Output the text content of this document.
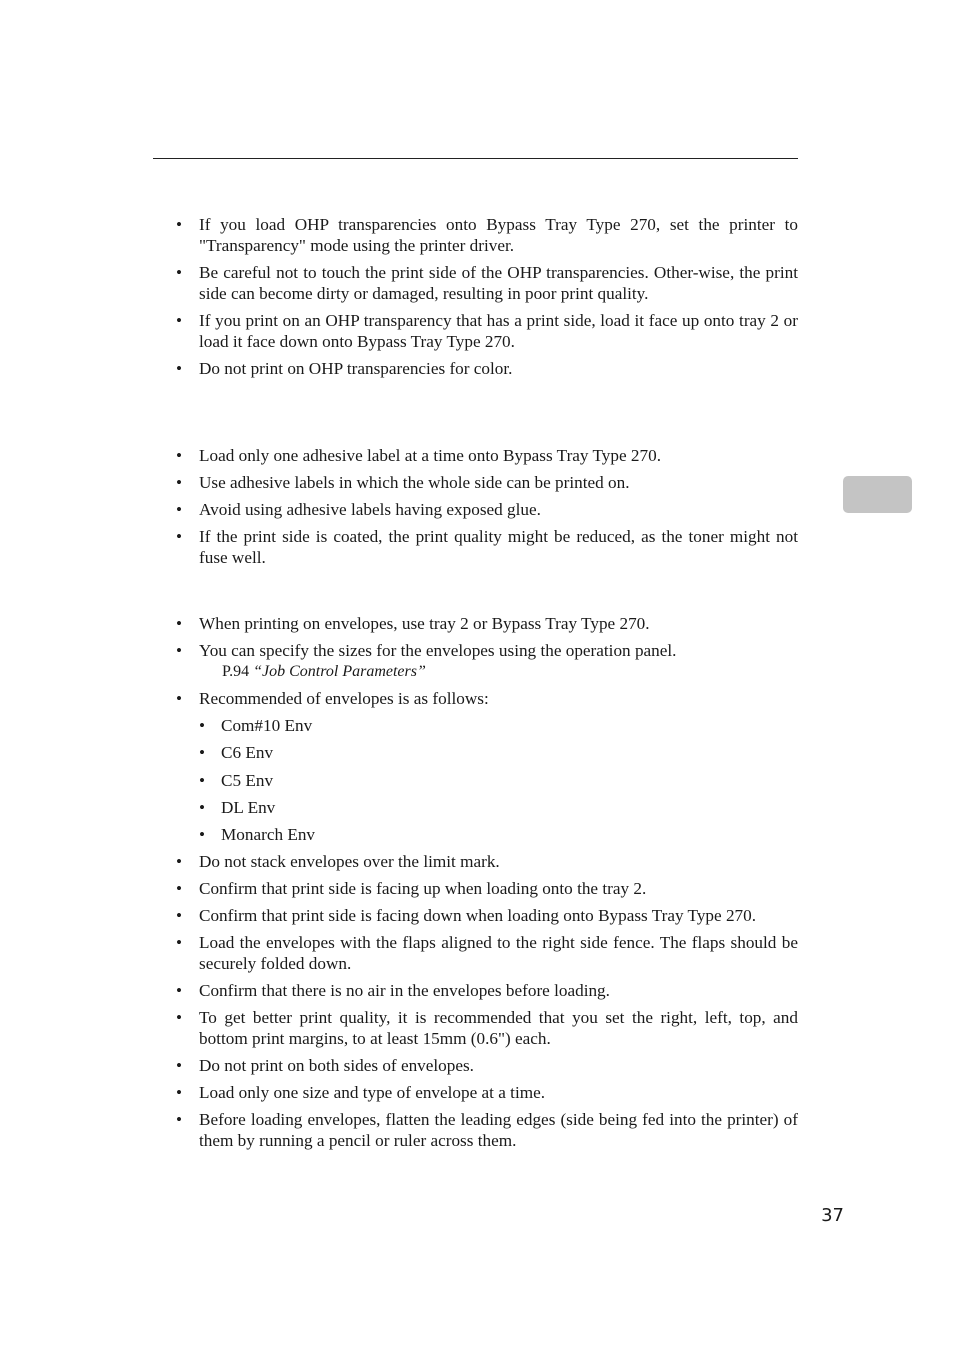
• If you load OHP transparencies onto Bypass Tray Type 270, set the printer to "Transparency" mode using the printer driver.
• Be careful not to touch the print side of the OHP transparencies. Other-wise, the print side can become dirty or damaged, resulting in poor print quality.
• If you print on an OHP transparency that has a print side, load it face up onto tray 2 or load it face down onto Bypass Tray Type 270.
• Do not print on OHP transparencies for color.
• Load only one adhesive label at a time onto Bypass Tray Type 270.
• Use adhesive labels in which the whole side can be printed on.
• Avoid using adhesive labels having exposed glue.
• If the print side is coated, the print quality might be reduced, as the toner might not fuse well.
• When printing on envelopes, use tray 2 or Bypass Tray Type 270.
• You can specify the sizes for the envelopes using the operation panel.
P.94 “Job Control Parameters”
• Recommended of envelopes is as follows:
• Com#10 Env
• C6 Env
• C5 Env
• DL Env
• Monarch Env
• Do not stack envelopes over the limit mark.
• Confirm that print side is facing up when loading onto the tray 2.
• Confirm that print side is facing down when loading onto Bypass Tray Type 270.
• Load the envelopes with the flaps aligned to the right side fence. The flaps should be securely folded down.
• Confirm that there is no air in the envelopes before loading.
• To get better print quality, it is recommended that you set the right, left, top, and bottom print margins, to at least 15mm (0.6") each.
• Do not print on both sides of envelopes.
• Load only one size and type of envelope at a time.
• Before loading envelopes, flatten the leading edges (side being fed into the printer) of them by running a pencil or ruler across them.
37
